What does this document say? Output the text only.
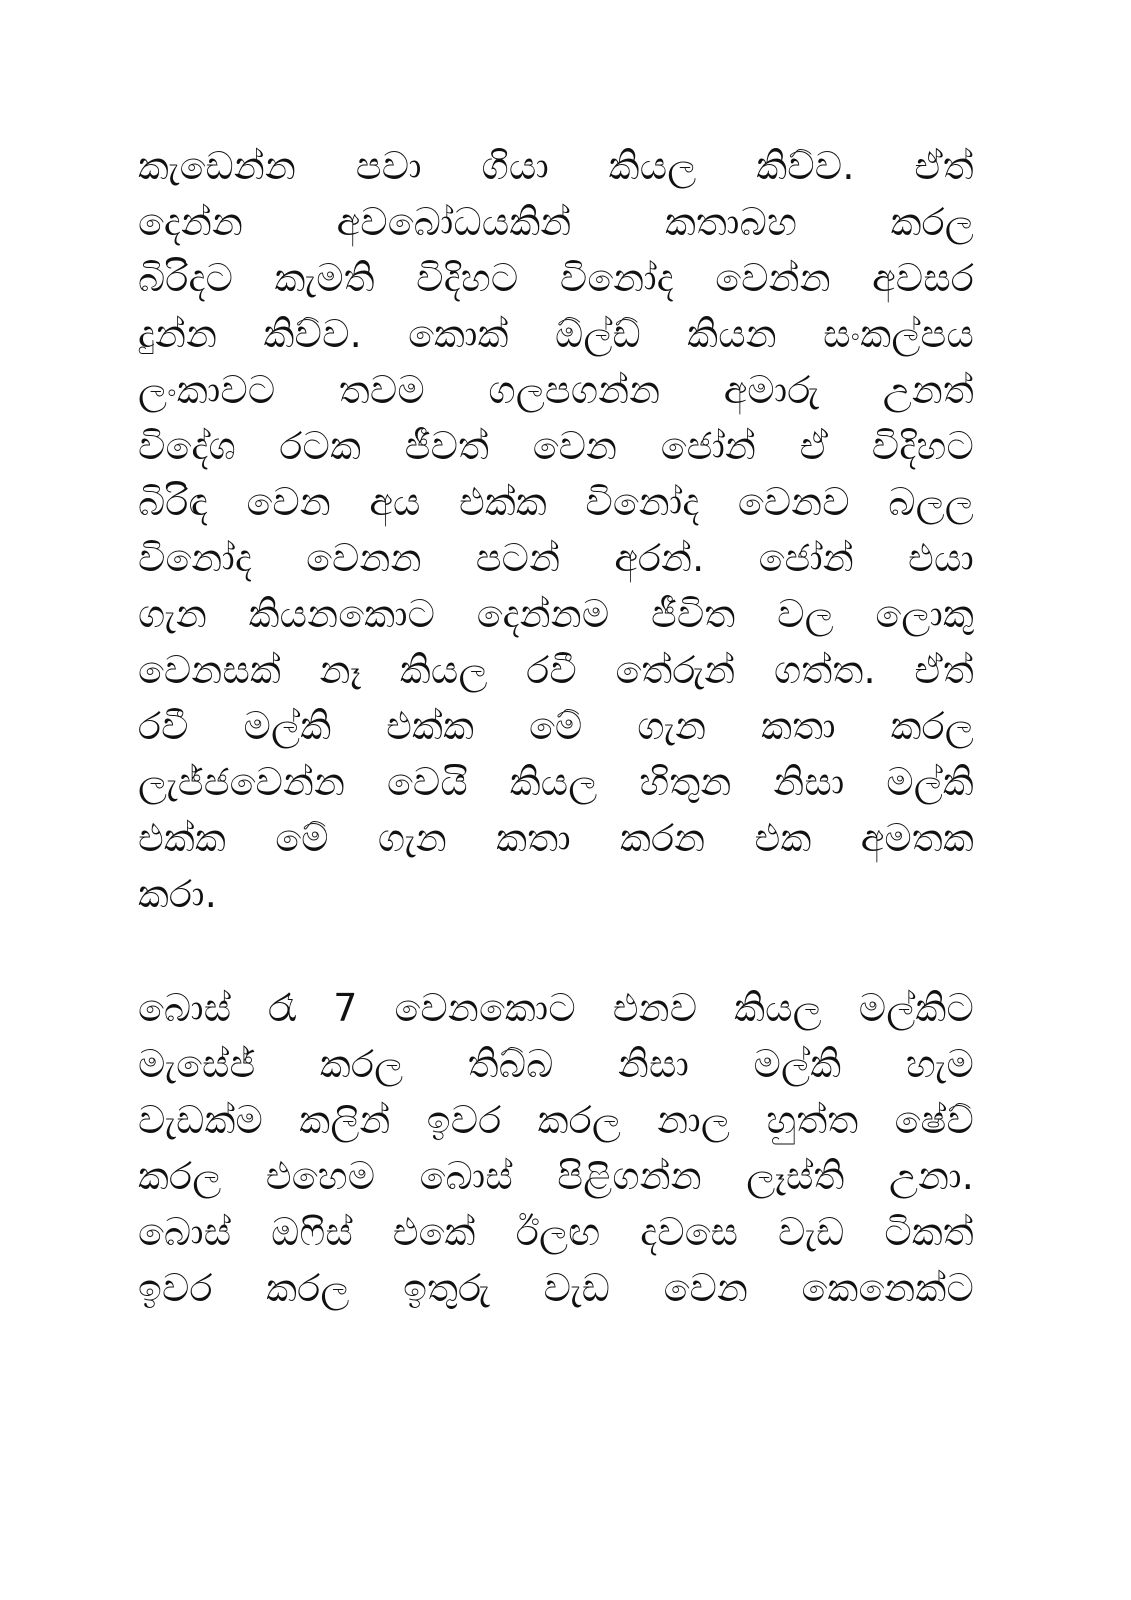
කැඩෙන්න පවා ගියා කියල කිව්ව. ඒත්
දෙන්න අවබෝධයකින් කතාබහ කරල
බිරිදට කැමති විදිහට විනෝද වෙන්න අවසර
දුන්න කිව්ව. කොක් ඕල්ඩ් කියන සංකල්පය
ලංකාවට තවම ගලපගන්න අමාරු උනත්
විදේශ රටක ජීවත් වෙන ජෝන් ඒ විදිහට
බිරිඳ වෙන අය එක්ක විනෝද වෙනව බලල
විනෝද වෙනන පටන් අරන්. ජෝන් එයා
ගැන කියනකොට දෙන්නම ජීවිත වල ලොකු
වෙනසක් නෑ කියල රවී තේරුන් ගත්ත. ඒත්
රවී මල්කි එක්ක මේ ගැන කතා කරල
ලැජ්ජවෙන්න වෙයි කියල හිතුන නිසා මල්කි
එක්ක මේ ගැන කතා කරන එක අමතක
කරා.
බොස් රෑ 7 වෙනකොට එනව කියල මල්කිට
මැසේජ් කරල තිබ්බ නිසා මල්කි හැම
වැඩක්ම කලින් ඉවර කරල නාල හුත්ත ෂේව්
කරල එහෙම බොස් පිළිගන්න ලෑස්ති උනා.
බොස් ඔෆිස් එකේ ඊලඟ දවසෙ වැඩ ටිකත්
ඉවර කරල ඉතුරු වැඩ වෙන කෙනෙක්ට
